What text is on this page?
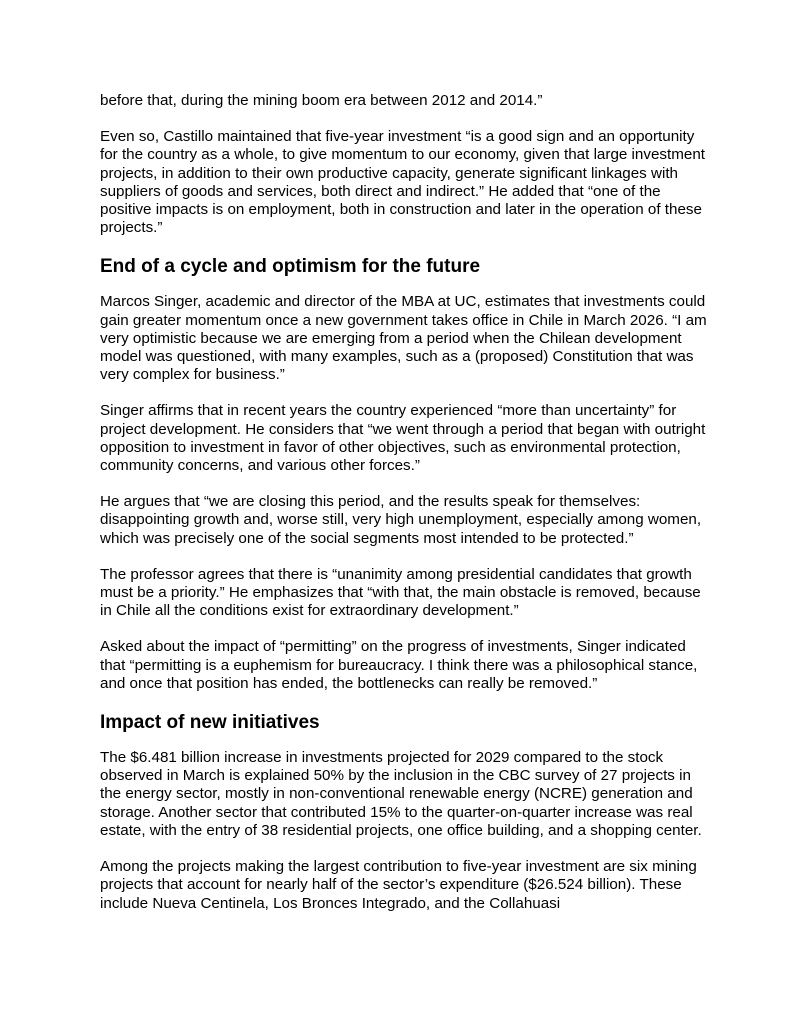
before that, during the mining boom era between 2012 and 2014.”

Even so, Castillo maintained that five-year investment “is a good sign and an opportunity for the country as a whole, to give momentum to our economy, given that large investment projects, in addition to their own productive capacity, generate significant linkages with suppliers of goods and services, both direct and indirect.” He added that “one of the positive impacts is on employment, both in construction and later in the operation of these projects.”

End of a cycle and optimism for the future

Marcos Singer, academic and director of the MBA at UC, estimates that investments could gain greater momentum once a new government takes office in Chile in March 2026. “I am very optimistic because we are emerging from a period when the Chilean development model was questioned, with many examples, such as a (proposed) Constitution that was very complex for business.”

Singer affirms that in recent years the country experienced “more than uncertainty” for project development. He considers that “we went through a period that began with outright opposition to investment in favor of other objectives, such as environmental protection, community concerns, and various other forces.”

He argues that “we are closing this period, and the results speak for themselves: disappointing growth and, worse still, very high unemployment, especially among women, which was precisely one of the social segments most intended to be protected.”

The professor agrees that there is “unanimity among presidential candidates that growth must be a priority.” He emphasizes that “with that, the main obstacle is removed, because in Chile all the conditions exist for extraordinary development.”

Asked about the impact of “permitting” on the progress of investments, Singer indicated that “permitting is a euphemism for bureaucracy. I think there was a philosophical stance, and once that position has ended, the bottlenecks can really be removed.”

Impact of new initiatives

The $6.481 billion increase in investments projected for 2029 compared to the stock observed in March is explained 50% by the inclusion in the CBC survey of 27 projects in the energy sector, mostly in non-conventional renewable energy (NCRE) generation and storage. Another sector that contributed 15% to the quarter-on-quarter increase was real estate, with the entry of 38 residential projects, one office building, and a shopping center.

Among the projects making the largest contribution to five-year investment are six mining projects that account for nearly half of the sector’s expenditure ($26.524 billion). These include Nueva Centinela, Los Bronces Integrado, and the Collahuasi
